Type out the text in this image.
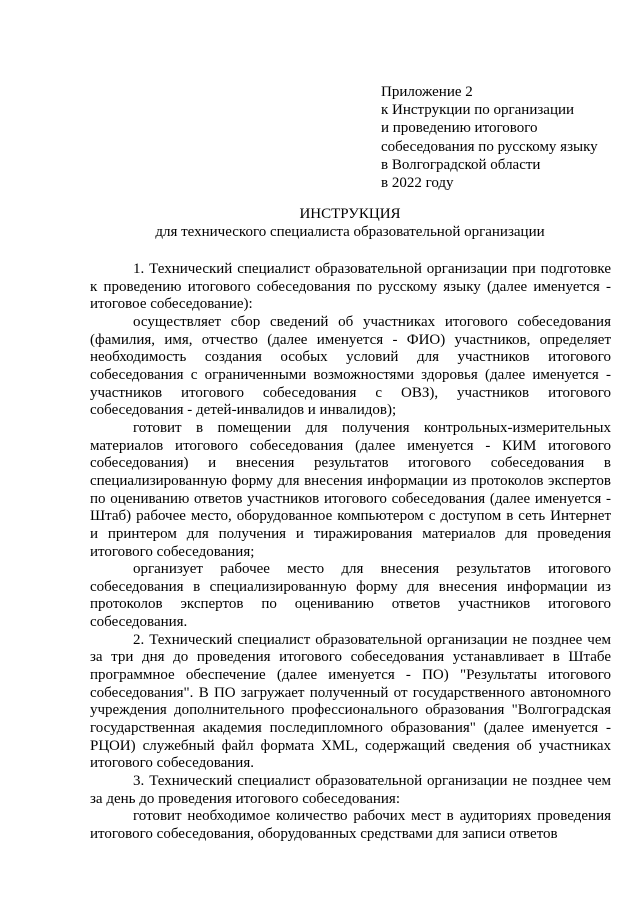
Приложение 2
к Инструкции по организации
и проведению итогового
собеседования по русскому языку
в Волгоградской области
в 2022 году
ИНСТРУКЦИЯ
для технического специалиста образовательной организации

1. Технический специалист образовательной организации при подготовке к проведению итогового собеседования по русскому языку (далее именуется - итоговое собеседование):

осуществляет сбор сведений об участниках итогового собеседования (фамилия, имя, отчество (далее именуется - ФИО) участников, определяет необходимость создания особых условий для участников итогового собеседования с ограниченными возможностями здоровья (далее именуется - участников итогового собеседования с ОВЗ), участников итогового собеседования - детей-инвалидов и инвалидов);

готовит в помещении для получения контрольных-измерительных материалов итогового собеседования (далее именуется - КИМ итогового собеседования) и внесения результатов итогового собеседования в специализированную форму для внесения информации из протоколов экспертов по оцениванию ответов участников итогового собеседования (далее именуется - Штаб) рабочее место, оборудованное компьютером с доступом в сеть Интернет и принтером для получения и тиражирования материалов для проведения итогового собеседования;

организует рабочее место для внесения результатов итогового собеседования в специализированную форму для внесения информации из протоколов экспертов по оцениванию ответов участников итогового собеседования.

2. Технический специалист образовательной организации не позднее чем за три дня до проведения итогового собеседования устанавливает в Штабе программное обеспечение (далее именуется - ПО) "Результаты итогового собеседования". В ПО загружает полученный от государственного автономного учреждения дополнительного профессионального образования "Волгоградская государственная академия последипломного образования" (далее именуется - РЦОИ) служебный файл формата XML, содержащий сведения об участниках итогового собеседования.

3. Технический специалист образовательной организации не позднее чем за день до проведения итогового собеседования:

готовит необходимое количество рабочих мест в аудиториях проведения итогового собеседования, оборудованных средствами для записи ответов
